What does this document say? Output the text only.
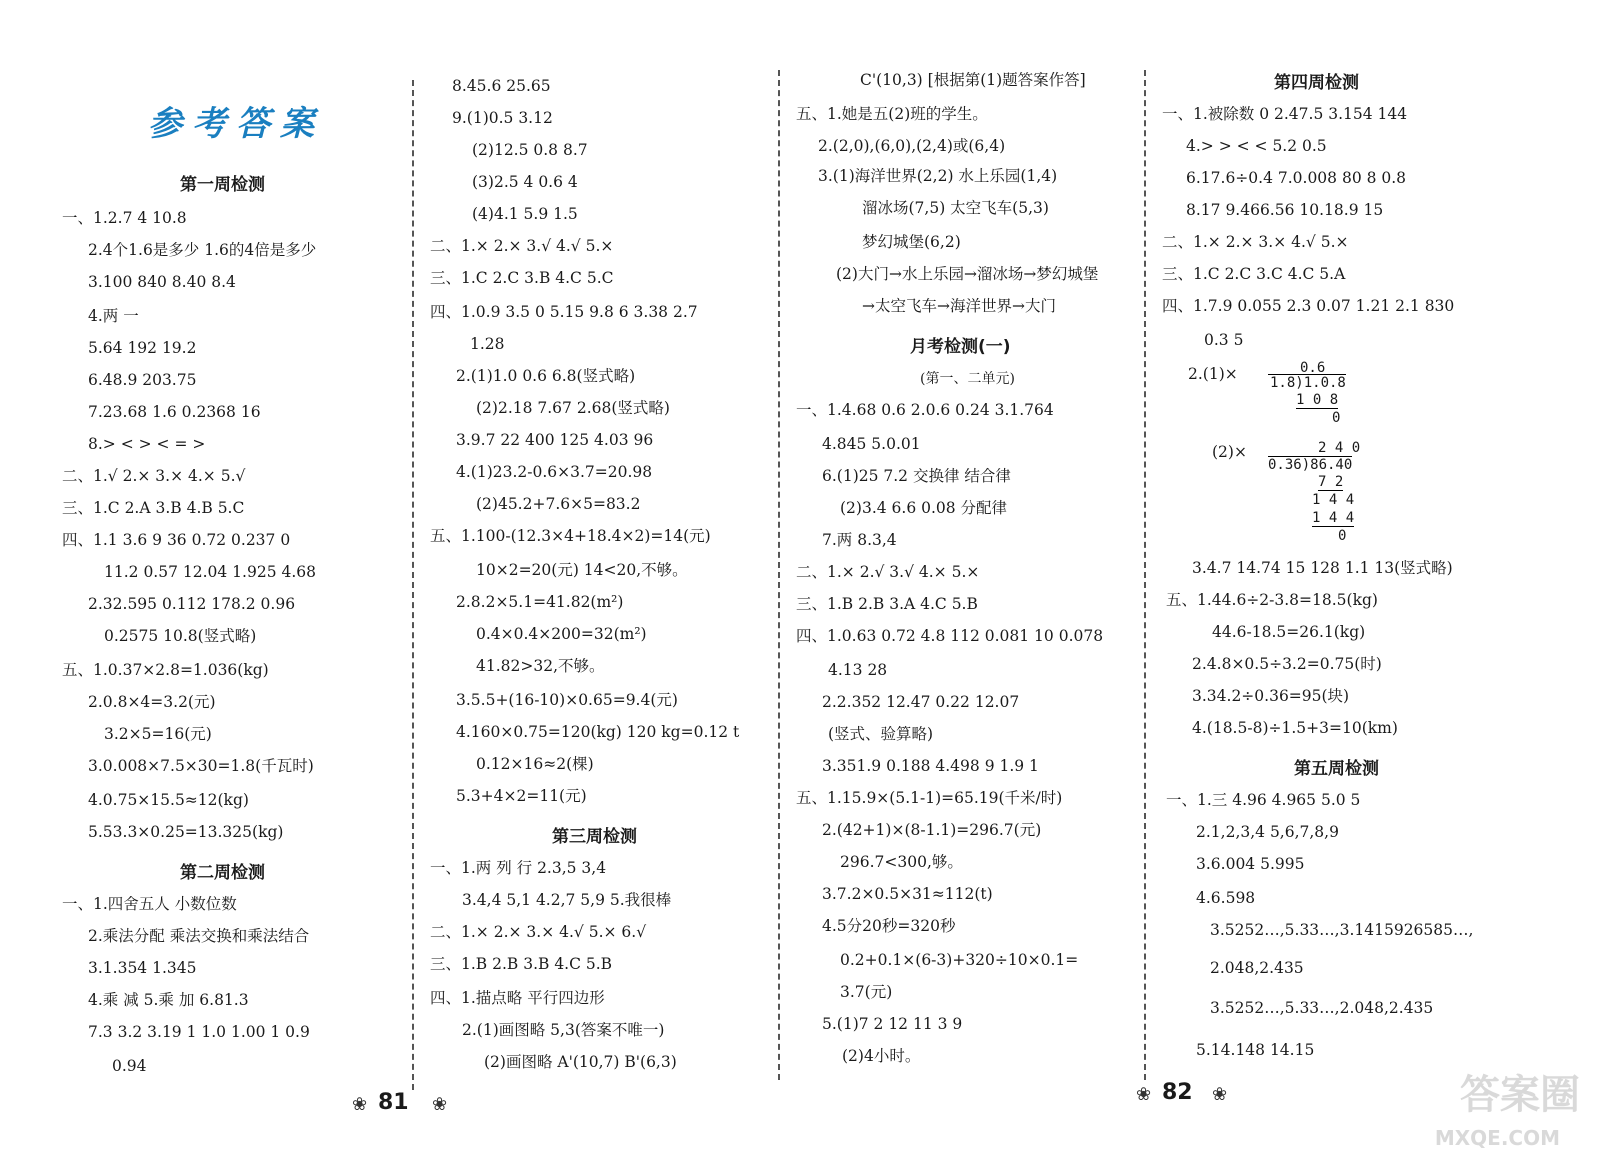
参考答案
第一周检测
一、1.2.7 4 10.8
2.4个1.6是多少 1.6的4倍是多少
3.100 840 8.40 8.4
4.两 一
5.64 192 19.2
6.48.9 203.75
7.23.68 1.6 0.2368 16
8.> < > < = >
二、1.√ 2.× 3.× 4.× 5.√
三、1.C 2.A 3.B 4.B 5.C
四、1.1 3.6 9 36 0.72 0.237 0
11.2 0.57 12.04 1.925 4.68
2.32.595 0.112 178.2 0.96
0.2575 10.8(竖式略)
五、1.0.37×2.8=1.036(kg)
2.0.8×4=3.2(元)
3.2×5=16(元)
3.0.008×7.5×30=1.8(千瓦时)
4.0.75×15.5≈12(kg)
5.53.3×0.25=13.325(kg)
第二周检测
一、1.四舍五人 小数位数
2.乘法分配 乘法交换和乘法结合
3.1.354 1.345
4.乘 减 5.乘 加 6.81.3
7.3 3.2 3.19 1 1.0 1.00 1 0.9
0.94
8.45.6 25.65
9.(1)0.5 3.12
(2)12.5 0.8 8.7
(3)2.5 4 0.6 4
(4)4.1 5.9 1.5
二、1.× 2.× 3.√ 4.√ 5.×
三、1.C 2.C 3.B 4.C 5.C
四、1.0.9 3.5 0 5.15 9.8 6 3.38 2.7
1.28
2.(1)1.0 0.6 6.8(竖式略)
(2)2.18 7.67 2.68(竖式略)
3.9.7 22 400 125 4.03 96
4.(1)23.2-0.6×3.7=20.98
(2)45.2+7.6×5=83.2
五、1.100-(12.3×4+18.4×2)=14(元)
10×2=20(元) 14<20,不够。
2.8.2×5.1=41.82(m²)
0.4×0.4×200=32(m²)
41.82>32,不够。
3.5.5+(16-10)×0.65=9.4(元)
4.160×0.75=120(kg) 120 kg=0.12 t
0.12×16≈2(棵)
5.3+4×2=11(元)
第三周检测
一、1.两 列 行 2.3,5 3,4
3.4,4 5,1 4.2,7 5,9 5.我很棒
二、1.× 2.× 3.× 4.√ 5.× 6.√
三、1.B 2.B 3.B 4.C 5.B
四、1.描点略 平行四边形
2.(1)画图略 5,3(答案不唯一)
(2)画图略 A'(10,7) B'(6,3)
C'(10,3) [根据第(1)题答案作答]
五、1.她是五(2)班的学生。
2.(2,0),(6,0),(2,4)或(6,4)
3.(1)海洋世界(2,2) 水上乐园(1,4)
溜冰场(7,5) 太空飞车(5,3)
梦幻城堡(6,2)
(2)大门→水上乐园→溜冰场→梦幻城堡
→太空飞车→海洋世界→大门
月考检测(一)
(第一、二单元)
一、1.4.68 0.6 2.0.6 0.24 3.1.764
4.845 5.0.01
6.(1)25 7.2 交换律 结合律
(2)3.4 6.6 0.08 分配律
7.两 8.3,4
二、1.× 2.√ 3.√ 4.× 5.×
三、1.B 2.B 3.A 4.C 5.B
四、1.0.63 0.72 4.8 112 0.081 10 0.078
4.13 28
2.2.352 12.47 0.22 12.07
(竖式、验算略)
3.351.9 0.188 4.498 9 1.9 1
五、1.15.9×(5.1-1)=65.19(千米/时)
2.(42+1)×(8-1.1)=296.7(元)
296.7<300,够。
3.7.2×0.5×31≈112(t)
4.5分20秒=320秒
0.2+0.1×(6-3)+320÷10×0.1=
3.7(元)
5.(1)7 2 12 11 3 9
(2)4小时。
第四周检测
一、1.被除数 0 2.47.5 3.154 144
4.> > < < 5.2 0.5
6.17.6÷0.4 7.0.008 80 8 0.8
8.17 9.466.56 10.18.9 15
二、1.× 2.× 3.× 4.√ 5.×
三、1.C 2.C 3.C 4.C 5.A
四、1.7.9 0.055 2.3 0.07 1.21 2.1 830
0.3 5
2.(1)×
(2)×
3.4.7 14.74 15 128 1.1 13(竖式略)
五、1.44.6÷2-3.8=18.5(kg)
44.6-18.5=26.1(kg)
2.4.8×0.5÷3.2=0.75(时)
3.34.2÷0.36=95(块)
4.(18.5-8)÷1.5+3=10(km)
第五周检测
一、1.三 4.96 4.965 5.0 5
2.1,2,3,4 5,6,7,8,9
3.6.004 5.995
4.6.598
3.5252…,5.33…,3.1415926585…,
2.048,2.435
3.5252…,5.33…,2.048,2.435
5.14.148 14.15
0.6
1.8)1.0.8
1 0 8
0
2 4 0
0.36)86.40
7 2
1 4 4
1 4 4
0
❀ 81 ❀	❀ 82 ❀	答案圈
MXQE.COM
